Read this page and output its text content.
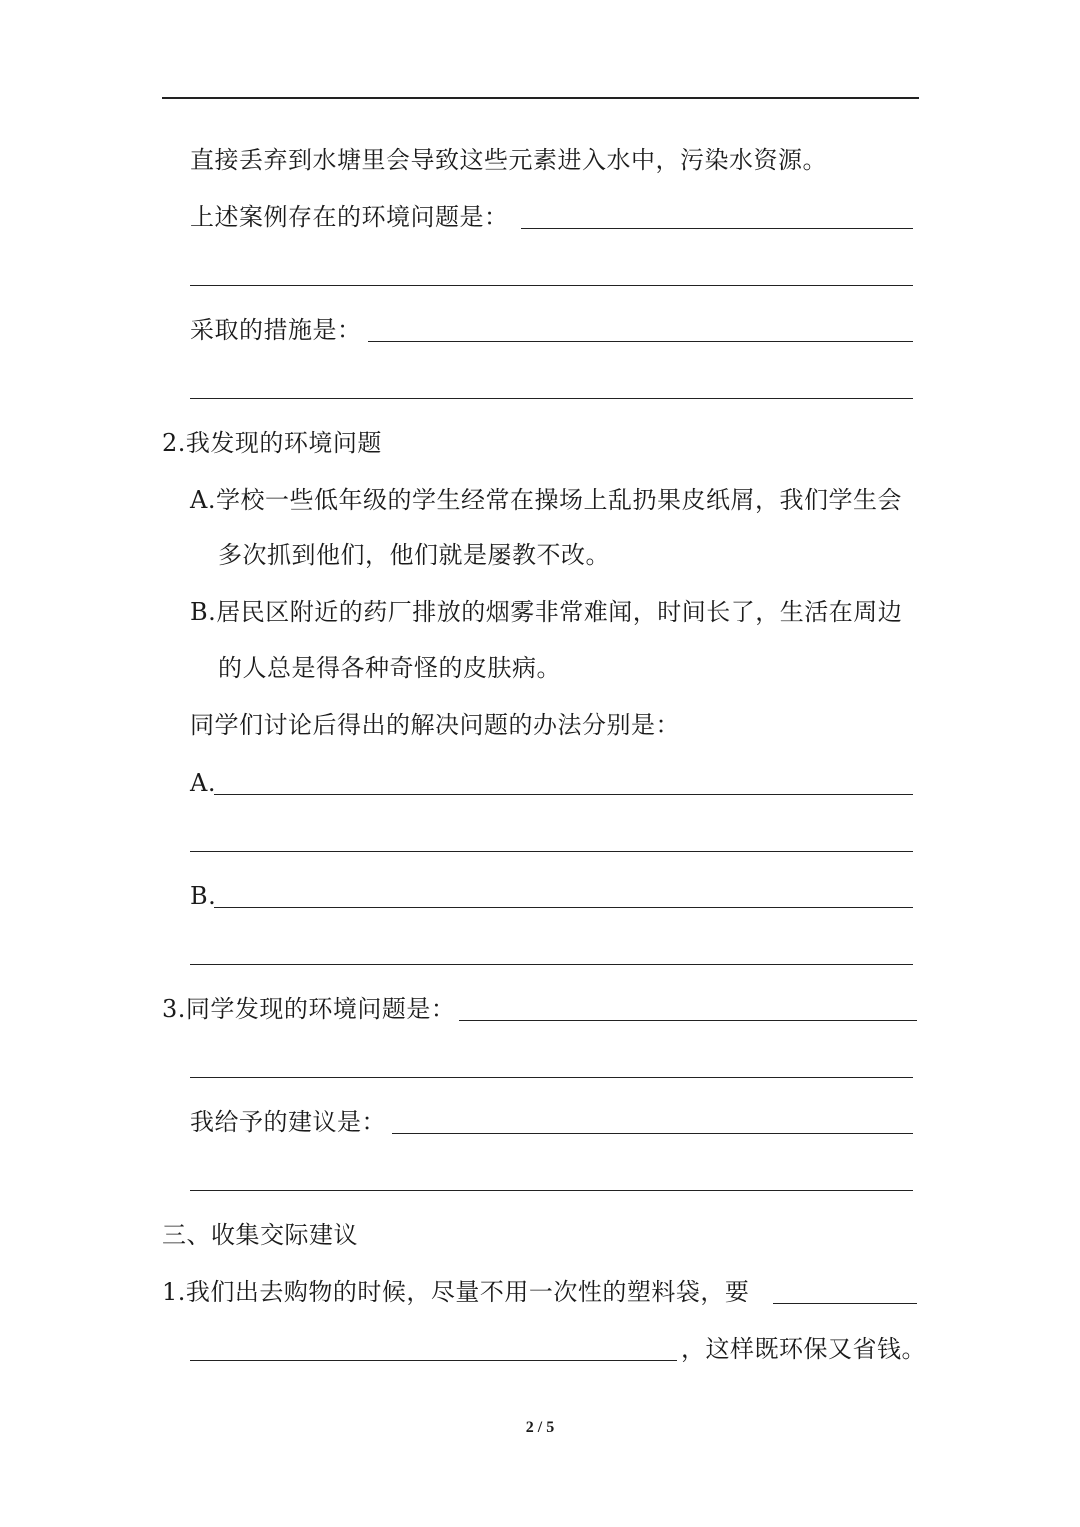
直接丢弃到水塘里会导致这些元素进入水中，污染水资源。
上述案例存在的环境问题是：
采取的措施是：
2.我发现的环境问题
A.学校一些低年级的学生经常在操场上乱扔果皮纸屑，我们学生会
多次抓到他们，他们就是屡教不改。
B.居民区附近的药厂排放的烟雾非常难闻，时间长了，生活在周边
的人总是得各种奇怪的皮肤病。
同学们讨论后得出的解决问题的办法分别是：
A.
B.
3.同学发现的环境问题是：
我给予的建议是：
三、收集交际建议
1.我们出去购物的时候，尽量不用一次性的塑料袋，要
，这样既环保又省钱。
2 / 5
